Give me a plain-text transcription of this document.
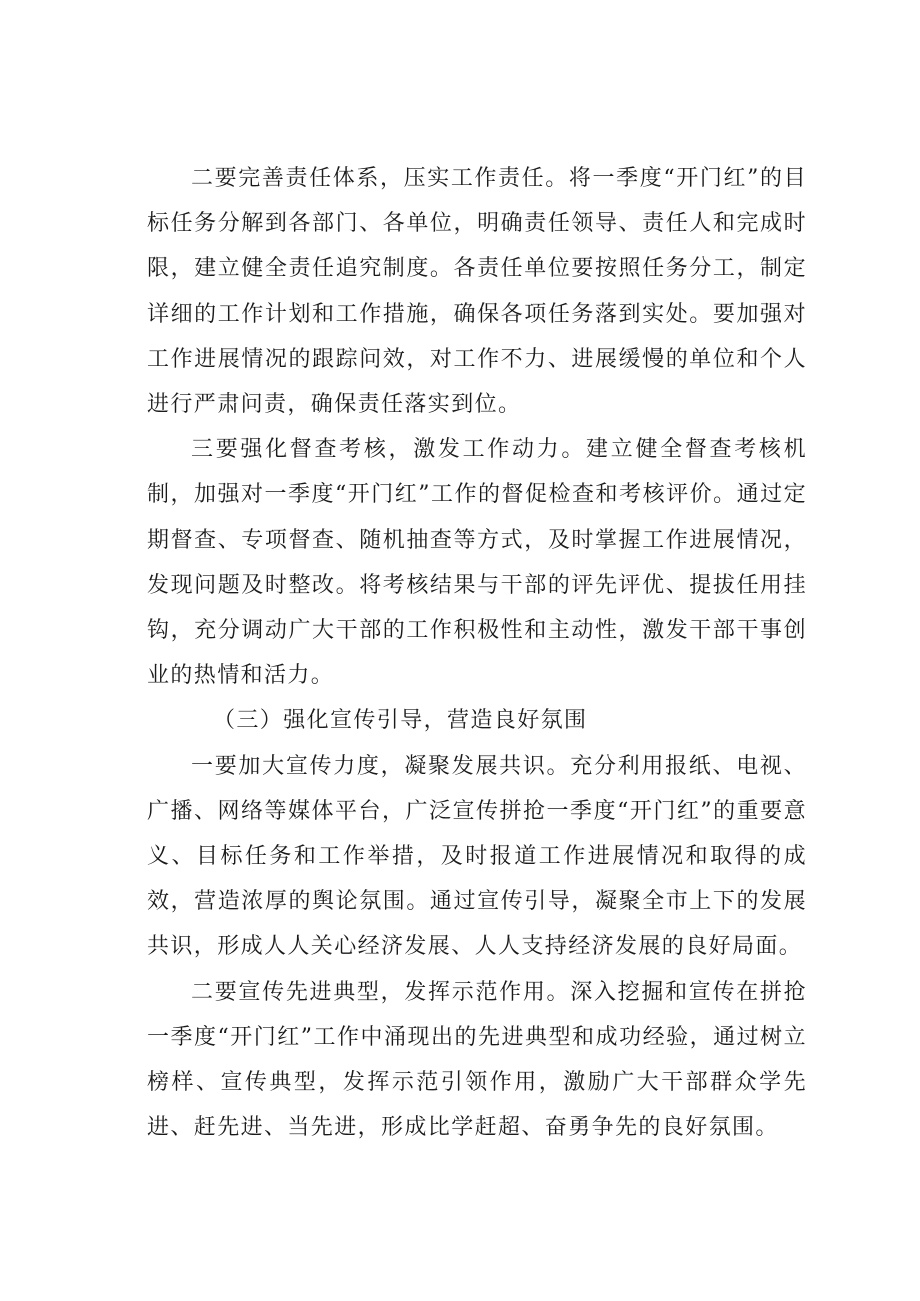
二要完善责任体系，压实工作责任。将一季度“开门红”的目标任务分解到各部门、各单位，明确责任领导、责任人和完成时限，建立健全责任追究制度。各责任单位要按照任务分工，制定详细的工作计划和工作措施，确保各项任务落到实处。要加强对工作进展情况的跟踪问效，对工作不力、进展缓慢的单位和个人进行严肃问责，确保责任落实到位。

三要强化督查考核，激发工作动力。建立健全督查考核机制，加强对一季度“开门红”工作的督促检查和考核评价。通过定期督查、专项督查、随机抽查等方式，及时掌握工作进展情况，发现问题及时整改。将考核结果与干部的评先评优、提拔任用挂钩，充分调动广大干部的工作积极性和主动性，激发干部干事创业的热情和活力。

（三）强化宣传引导，营造良好氛围

一要加大宣传力度，凝聚发展共识。充分利用报纸、电视、广播、网络等媒体平台，广泛宣传拼抢一季度“开门红”的重要意义、目标任务和工作举措，及时报道工作进展情况和取得的成效，营造浓厚的舆论氛围。通过宣传引导，凝聚全市上下的发展共识，形成人人关心经济发展、人人支持经济发展的良好局面。

二要宣传先进典型，发挥示范作用。深入挖掘和宣传在拼抢一季度“开门红”工作中涌现出的先进典型和成功经验，通过树立榜样、宣传典型，发挥示范引领作用，激励广大干部群众学先进、赶先进、当先进，形成比学赶超、奋勇争先的良好氛围。
